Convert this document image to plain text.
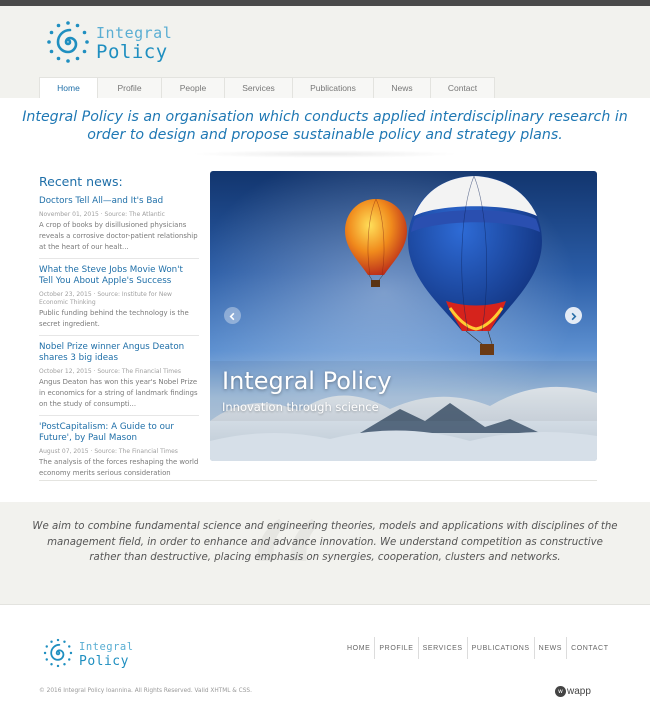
Integral
Policy
Home	Profile	People	Services	Publications	News	Contact
Integral Policy is an organisation which conducts applied interdisciplinary research in order to design and propose sustainable policy and strategy plans.
Recent news:
Doctors Tell All—and It's Bad
November 01, 2015 · Source: The Atlantic
A crop of books by disillusioned physicians reveals a corrosive doctor-patient relationship at the heart of our healt...
What the Steve Jobs Movie Won't Tell You About Apple's Success
October 23, 2015 · Source: Institute for New Economic Thinking
Public funding behind the technology is the secret ingredient.
Nobel Prize winner Angus Deaton shares 3 big ideas
October 12, 2015 · Source: The Financial Times
Angus Deaton has won this year's Nobel Prize in economics for a string of landmark findings on the study of consumpti...
'PostCapitalism: A Guide to our Future', by Paul Mason
August 07, 2015 · Source: The Financial Times
The analysis of the forces reshaping the world economy merits serious consideration
Integral Policy
Innovation through science
“
We aim to combine fundamental science and engineering theories, models and applications with disciplines of the management field, in order to enhance and advance innovation. We understand competition as constructive rather than destructive, placing emphasis on synergies, cooperation, clusters and networks.
Integral
Policy
HOME	PROFILE	SERVICES	PUBLICATIONS	NEWS	CONTACT
© 2016 Integral Policy Ioannina. All Rights Reserved. Valid XHTML & CSS.	w wapp
